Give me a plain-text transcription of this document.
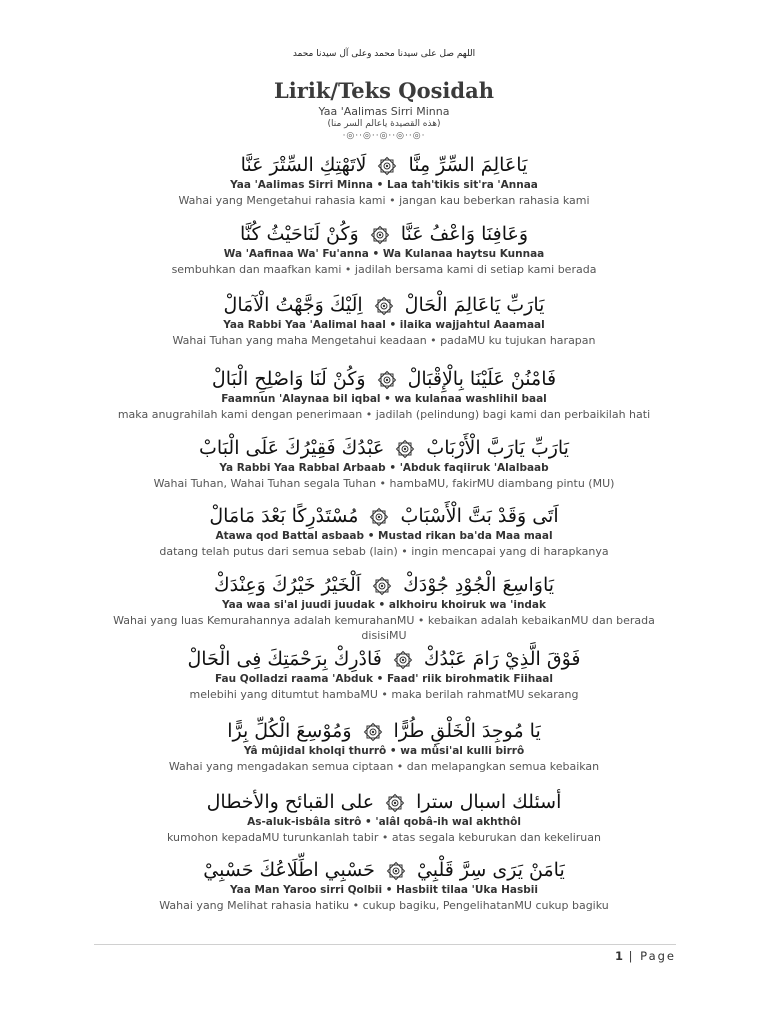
اللهم صل على سيدنا محمد وعلى آل سيدنا محمد
Lirik/Teks Qosidah
Yaa 'Aalimas Sirri Minna
(هذه القصيدة ياعالم السر منا)
·◎··◎··◎··◎··◎·
يَاعَالِمَ السِّرِّ مِنَّالَاتَهْتِكِ السِّتْرَ عَنَّا
Yaa 'Aalimas Sirri Minna • Laa tah'tikis sit'ra 'Annaa
Wahai yang Mengetahui rahasia kami • jangan kau beberkan rahasia kami
وَعَافِنَا وَاعْفُ عَنَّاوَكُنْ لَنَاحَيْثُ كُنَّا
Wa 'Aafinaa Wa' Fu'anna • Wa Kulanaa haytsu Kunnaa
sembuhkan dan maafkan kami • jadilah bersama kami di setiap kami berada
يَارَبِّ يَاعَالِمَ الْحَالْاِلَيْكَ وَجَّهْتُ الْآمَالْ
Yaa Rabbi Yaa 'Aalimal haal • ilaika wajjahtul Aaamaal
Wahai Tuhan yang maha Mengetahui keadaan • padaMU ku tujukan harapan
فَامْنُنْ عَلَيْنَا بِالْإِقْبَالْوَكُنْ لَنَا وَاصْلِحِ الْبَالْ
Faamnun 'Alaynaa bil iqbal • wa kulanaa washlihil baal
maka anugrahilah kami dengan penerimaan • jadilah (pelindung) bagi kami dan perbaikilah hati
يَارَبِّ يَارَبَّ الْأَرْبَابْعَبْدُكَ فَقِيْرُكَ عَلَى الْبَابْ
Ya Rabbi Yaa Rabbal Arbaab • 'Abduk faqiiruk 'Alalbaab
Wahai Tuhan, Wahai Tuhan segala Tuhan • hambaMU, fakirMU diambang pintu (MU)
اَتَى وَقَدْ بَتَّ الْأَسْبَابْمُسْتَدْرِكًا بَعْدَ مَامَالْ
Atawa qod Battal asbaab • Mustad rikan ba'da Maa maal
datang telah putus dari semua sebab (lain) • ingin mencapai yang di harapkanya
يَاوَاسِعَ الْجُوْدِ جُوْدَكْاَلْخَيْرُ خَيْرُكَ وَعِنْدَكْ
Yaa waa si'al juudi juudak • alkhoiru khoiruk wa 'indak
Wahai yang luas Kemurahannya adalah kemurahanMU • kebaikan adalah kebaikanMU dan berada disisiMU
فَوْقَ الَّذِيْ رَامَ عَبْدُكْفَادْرِكْ بِرَحْمَتِكَ فِى الْحَالْ
Fau Qolladzi raama 'Abduk • Faad' riik birohmatik Fiihaal
melebihi yang ditumtut hambaMU • maka berilah rahmatMU sekarang
يَا مُوجِدَ الْخَلْقِ طُرًّاوَمُوْسِعَ الْكُلِّ بِرًّا
Yâ mûjidal kholqi thurrô • wa mûsi'al kulli birrô
Wahai yang mengadakan semua ciptaan • dan melapangkan semua kebaikan
أسئلك اسبال ستراعلى القبائح والأخطال
As-aluk-isbâla sitrô • 'alâl qobâ-ih wal akhthôl
kumohon kepadaMU turunkanlah tabir • atas segala keburukan dan kekeliruan
يَامَنْ يَرَى سِرَّ قَلْبِيْحَسْبِي اطِّلَاعُكَ حَسْبِيْ
Yaa Man Yaroo sirri Qolbii • Hasbiit tilaa 'Uka Hasbii
Wahai yang Melihat rahasia hatiku • cukup bagiku, PengelihatanMU cukup bagiku
1 | Page
